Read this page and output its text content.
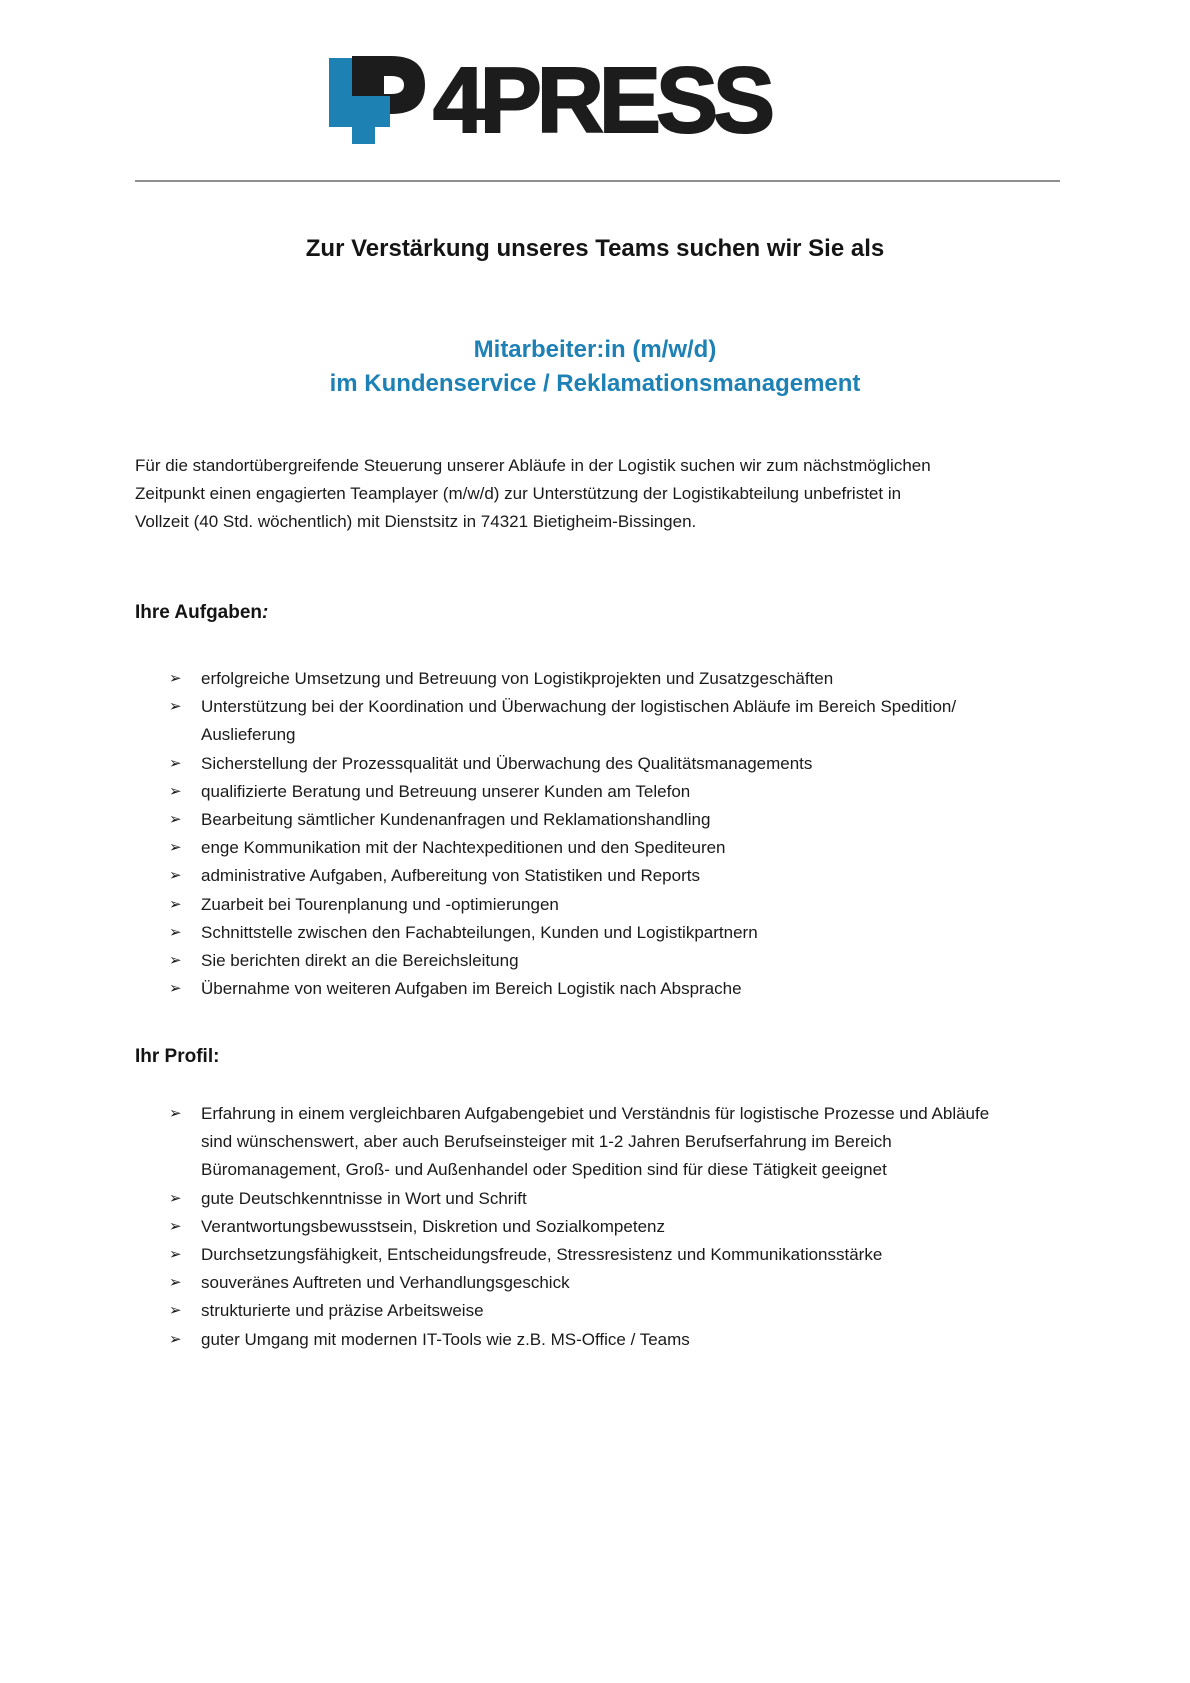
4PRESS
Zur Verstärkung unseres Teams suchen wir Sie als
Mitarbeiter:in (m/w/d)
im Kundenservice / Reklamationsmanagement
Für die standortübergreifende Steuerung unserer Abläufe in der Logistik suchen wir zum nächstmöglichen Zeitpunkt einen engagierten Teamplayer (m/w/d) zur Unterstützung der Logistikabteilung unbefristet in Vollzeit (40 Std. wöchentlich) mit Dienstsitz in 74321 Bietigheim-Bissingen.
Ihre Aufgaben:
➢ erfolgreiche Umsetzung und Betreuung von Logistikprojekten und Zusatzgeschäften
➢ Unterstützung bei der Koordination und Überwachung der logistischen Abläufe im Bereich Spedition/ Auslieferung
➢ Sicherstellung der Prozessqualität und Überwachung des Qualitätsmanagements
➢ qualifizierte Beratung und Betreuung unserer Kunden am Telefon
➢ Bearbeitung sämtlicher Kundenanfragen und Reklamationshandling
➢ enge Kommunikation mit der Nachtexpeditionen und den Spediteuren
➢ administrative Aufgaben, Aufbereitung von Statistiken und Reports
➢ Zuarbeit bei Tourenplanung und -optimierungen
➢ Schnittstelle zwischen den Fachabteilungen, Kunden und Logistikpartnern
➢ Sie berichten direkt an die Bereichsleitung
➢ Übernahme von weiteren Aufgaben im Bereich Logistik nach Absprache
Ihr Profil:
➢ Erfahrung in einem vergleichbaren Aufgabengebiet und Verständnis für logistische Prozesse und Abläufe sind wünschenswert, aber auch Berufseinsteiger mit 1-2 Jahren Berufserfahrung im Bereich Büromanagement, Groß- und Außenhandel oder Spedition sind für diese Tätigkeit geeignet
➢ gute Deutschkenntnisse in Wort und Schrift
➢ Verantwortungsbewusstsein, Diskretion und Sozialkompetenz
➢ Durchsetzungsfähigkeit, Entscheidungsfreude, Stressresistenz und Kommunikationsstärke
➢ souveränes Auftreten und Verhandlungsgeschick
➢ strukturierte und präzise Arbeitsweise
➢ guter Umgang mit modernen IT-Tools wie z.B. MS-Office / Teams
